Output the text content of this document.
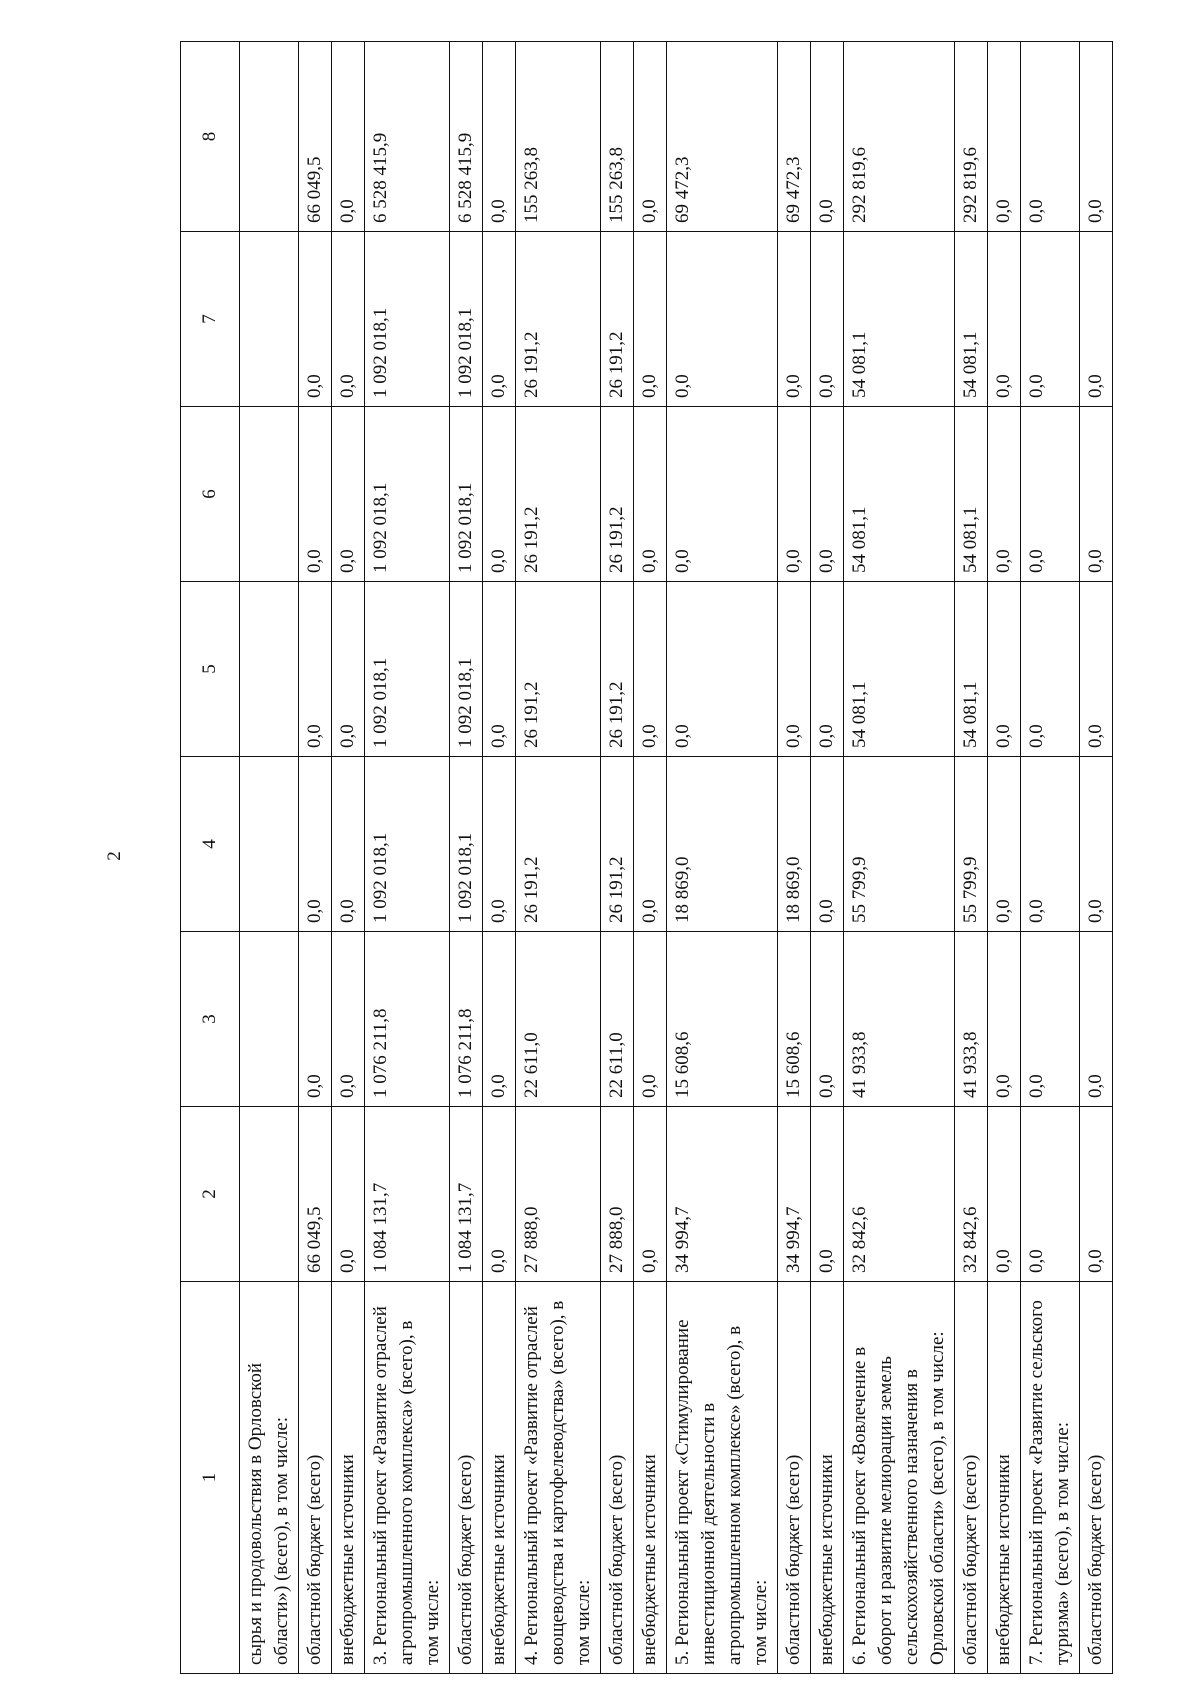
2
1	2	3	4	5	6	7	8
сырья и продовольствия в Орловской области») (всего), в том числе:							
областной бюджет (всего)	66 049,5	0,0	0,0	0,0	0,0	0,0	66 049,5
внебюджетные источники	0,0	0,0	0,0	0,0	0,0	0,0	0,0
3. Региональный проект «Развитие отраслей агропромышленного комплекса» (всего), в том числе:	1 084 131,7	1 076 211,8	1 092 018,1	1 092 018,1	1 092 018,1	1 092 018,1	6 528 415,9
областной бюджет (всего)	1 084 131,7	1 076 211,8	1 092 018,1	1 092 018,1	1 092 018,1	1 092 018,1	6 528 415,9
внебюджетные источники	0,0	0,0	0,0	0,0	0,0	0,0	0,0
4. Региональный проект «Развитие отраслей овощеводства и картофелеводства» (всего), в том числе:	27 888,0	22 611,0	26 191,2	26 191,2	26 191,2	26 191,2	155 263,8
областной бюджет (всего)	27 888,0	22 611,0	26 191,2	26 191,2	26 191,2	26 191,2	155 263,8
внебюджетные источники	0,0	0,0	0,0	0,0	0,0	0,0	0,0
5. Региональный проект «Стимулирование инвестиционной деятельности в агропромышленном комплексе» (всего), в том числе:	34 994,7	15 608,6	18 869,0	0,0	0,0	0,0	69 472,3
областной бюджет (всего)	34 994,7	15 608,6	18 869,0	0,0	0,0	0,0	69 472,3
внебюджетные источники	0,0	0,0	0,0	0,0	0,0	0,0	0,0
6. Региональный проект «Вовлечение в оборот и развитие мелиорации земель сельскохозяйственного назначения в Орловской области» (всего), в том числе:	32 842,6	41 933,8	55 799,9	54 081,1	54 081,1	54 081,1	292 819,6
областной бюджет (всего)	32 842,6	41 933,8	55 799,9	54 081,1	54 081,1	54 081,1	292 819,6
внебюджетные источники	0,0	0,0	0,0	0,0	0,0	0,0	0,0
7. Региональный проект «Развитие сельского туризма» (всего), в том числе:	0,0	0,0	0,0	0,0	0,0	0,0	0,0
областной бюджет (всего)	0,0	0,0	0,0	0,0	0,0	0,0	0,0
